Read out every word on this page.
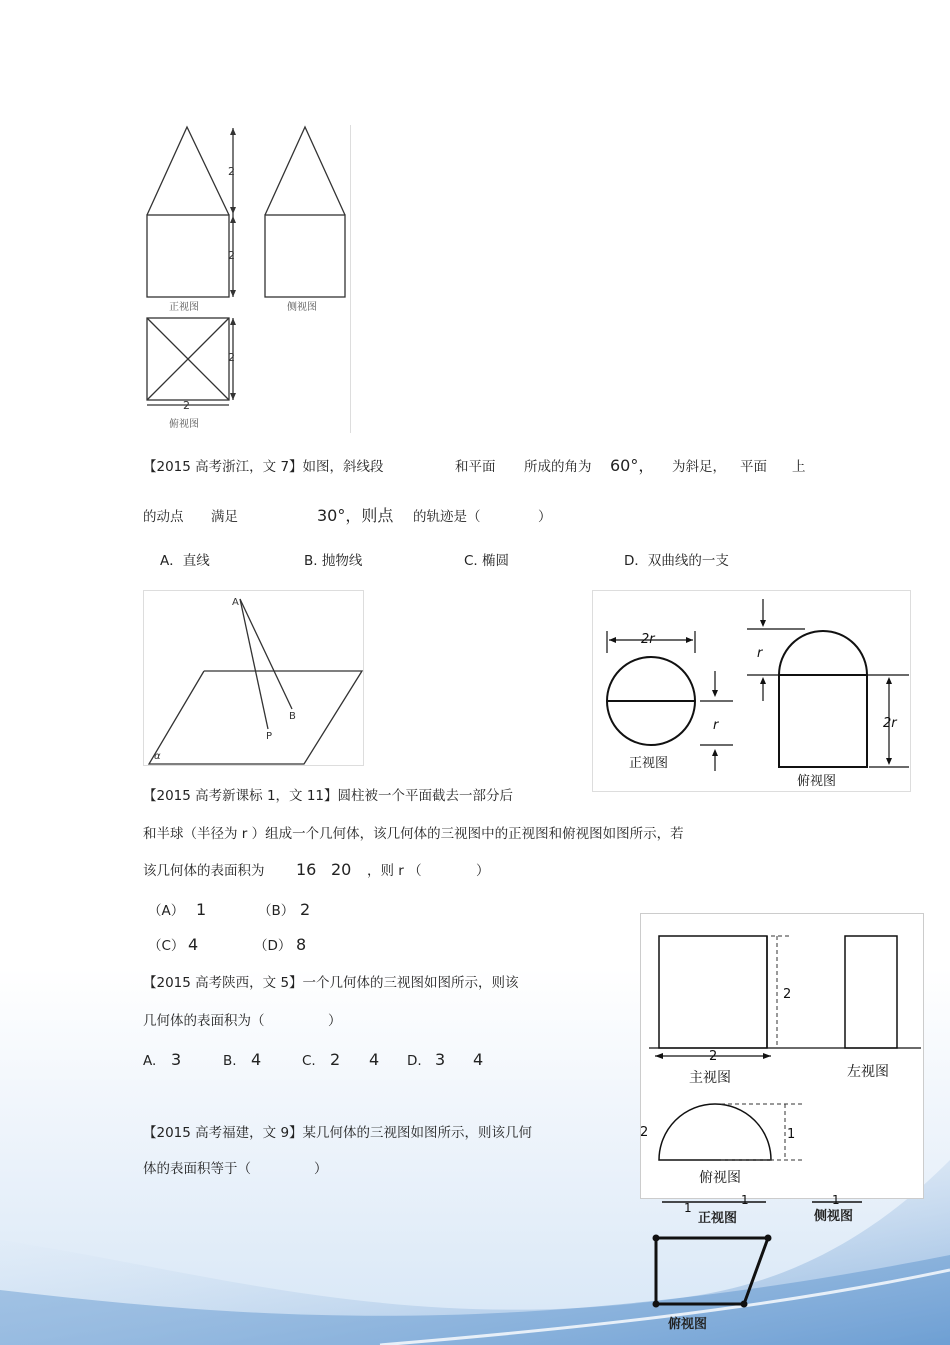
2
2
2
2
正视图	侧视图
俯视图
【2015 高考浙江，文 7】如图，斜线段	和平面 所成的角为 60°， 为斜足， 平面 上
的动点 满足	30°，则点 的轨迹是（	）
A．直线	B. 抛物线	C. 椭圆	D．双曲线的一支
A
B
P
α
2r
r
r
2r
正视图
俯视图
【2015 高考新课标 1，文 11】圆柱被一个平面截去一部分后
和半球（半径为 r ）组成一个几何体，该几何体的三视图中的正视图和俯视图如图所示，若
该几何体的表面积为 16 20 ，则 r （	）
（A） 1	（B） 2
（C） 4	（D） 8
【2015 高考陕西，文 5】一个几何体的三视图如图所示，则该
几何体的表面积为（	）
A. 3	B. 4	C. 2 4 D. 3 4
2
2
1
主视图	左视图
俯视图
【2015 高考福建，文 9】某几何体的三视图如图所示，则该几何
体的表面积等于（	）
2
1
1	1
正视图	侧视图
俯视图
